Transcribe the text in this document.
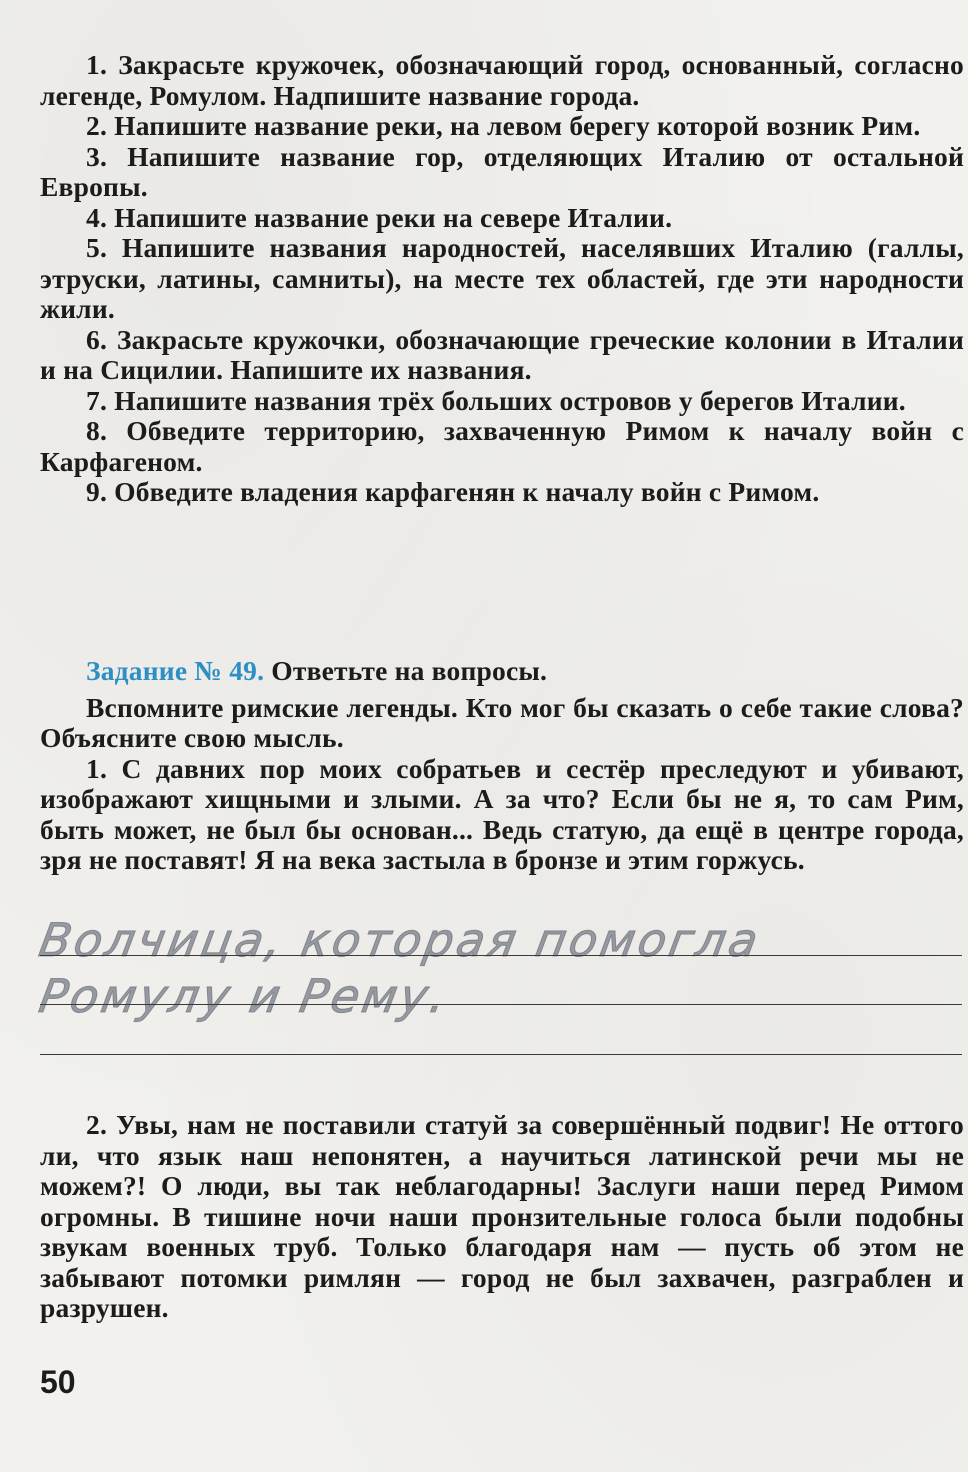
1. Закрасьте кружочек, обозначающий город, основанный, согласно легенде, Ромулом. Надпишите название города.

2. Напишите название реки, на левом берегу которой возник Рим.

3. Напишите название гор, отделяющих Италию от остальной Европы.

4. Напишите название реки на севере Италии.

5. Напишите названия народностей, населявших Италию (галлы, этруски, латины, самниты), на месте тех областей, где эти народности жили.

6. Закрасьте кружочки, обозначающие греческие колонии в Италии и на Сицилии. Напишите их названия.

7. Напишите названия трёх больших островов у берегов Италии.

8. Обведите территорию, захваченную Римом к началу войн с Карфагеном.

9. Обведите владения карфагенян к началу войн с Римом.

Задание № 49. Ответьте на вопросы.

Вспомните римские легенды. Кто мог бы сказать о себе такие слова? Объясните свою мысль.

1. С давних пор моих собратьев и сестёр преследуют и убивают, изображают хищными и злыми. А за что? Если бы не я, то сам Рим, быть может, не был бы основан... Ведь статую, да ещё в центре города, зря не поставят! Я на века застыла в бронзе и этим горжусь.

Волчица, которая помогла
Ромулу и Рему.

2. Увы, нам не поставили статуй за совершённый подвиг! Не оттого ли, что язык наш непонятен, а научиться латинской речи мы не можем?! О люди, вы так неблагодарны! Заслуги наши перед Римом огромны. В тишине ночи наши пронзительные голоса были подобны звукам военных труб. Только благодаря нам — пусть об этом не забывают потомки римлян — город не был захвачен, разграблен и разрушен.

50
